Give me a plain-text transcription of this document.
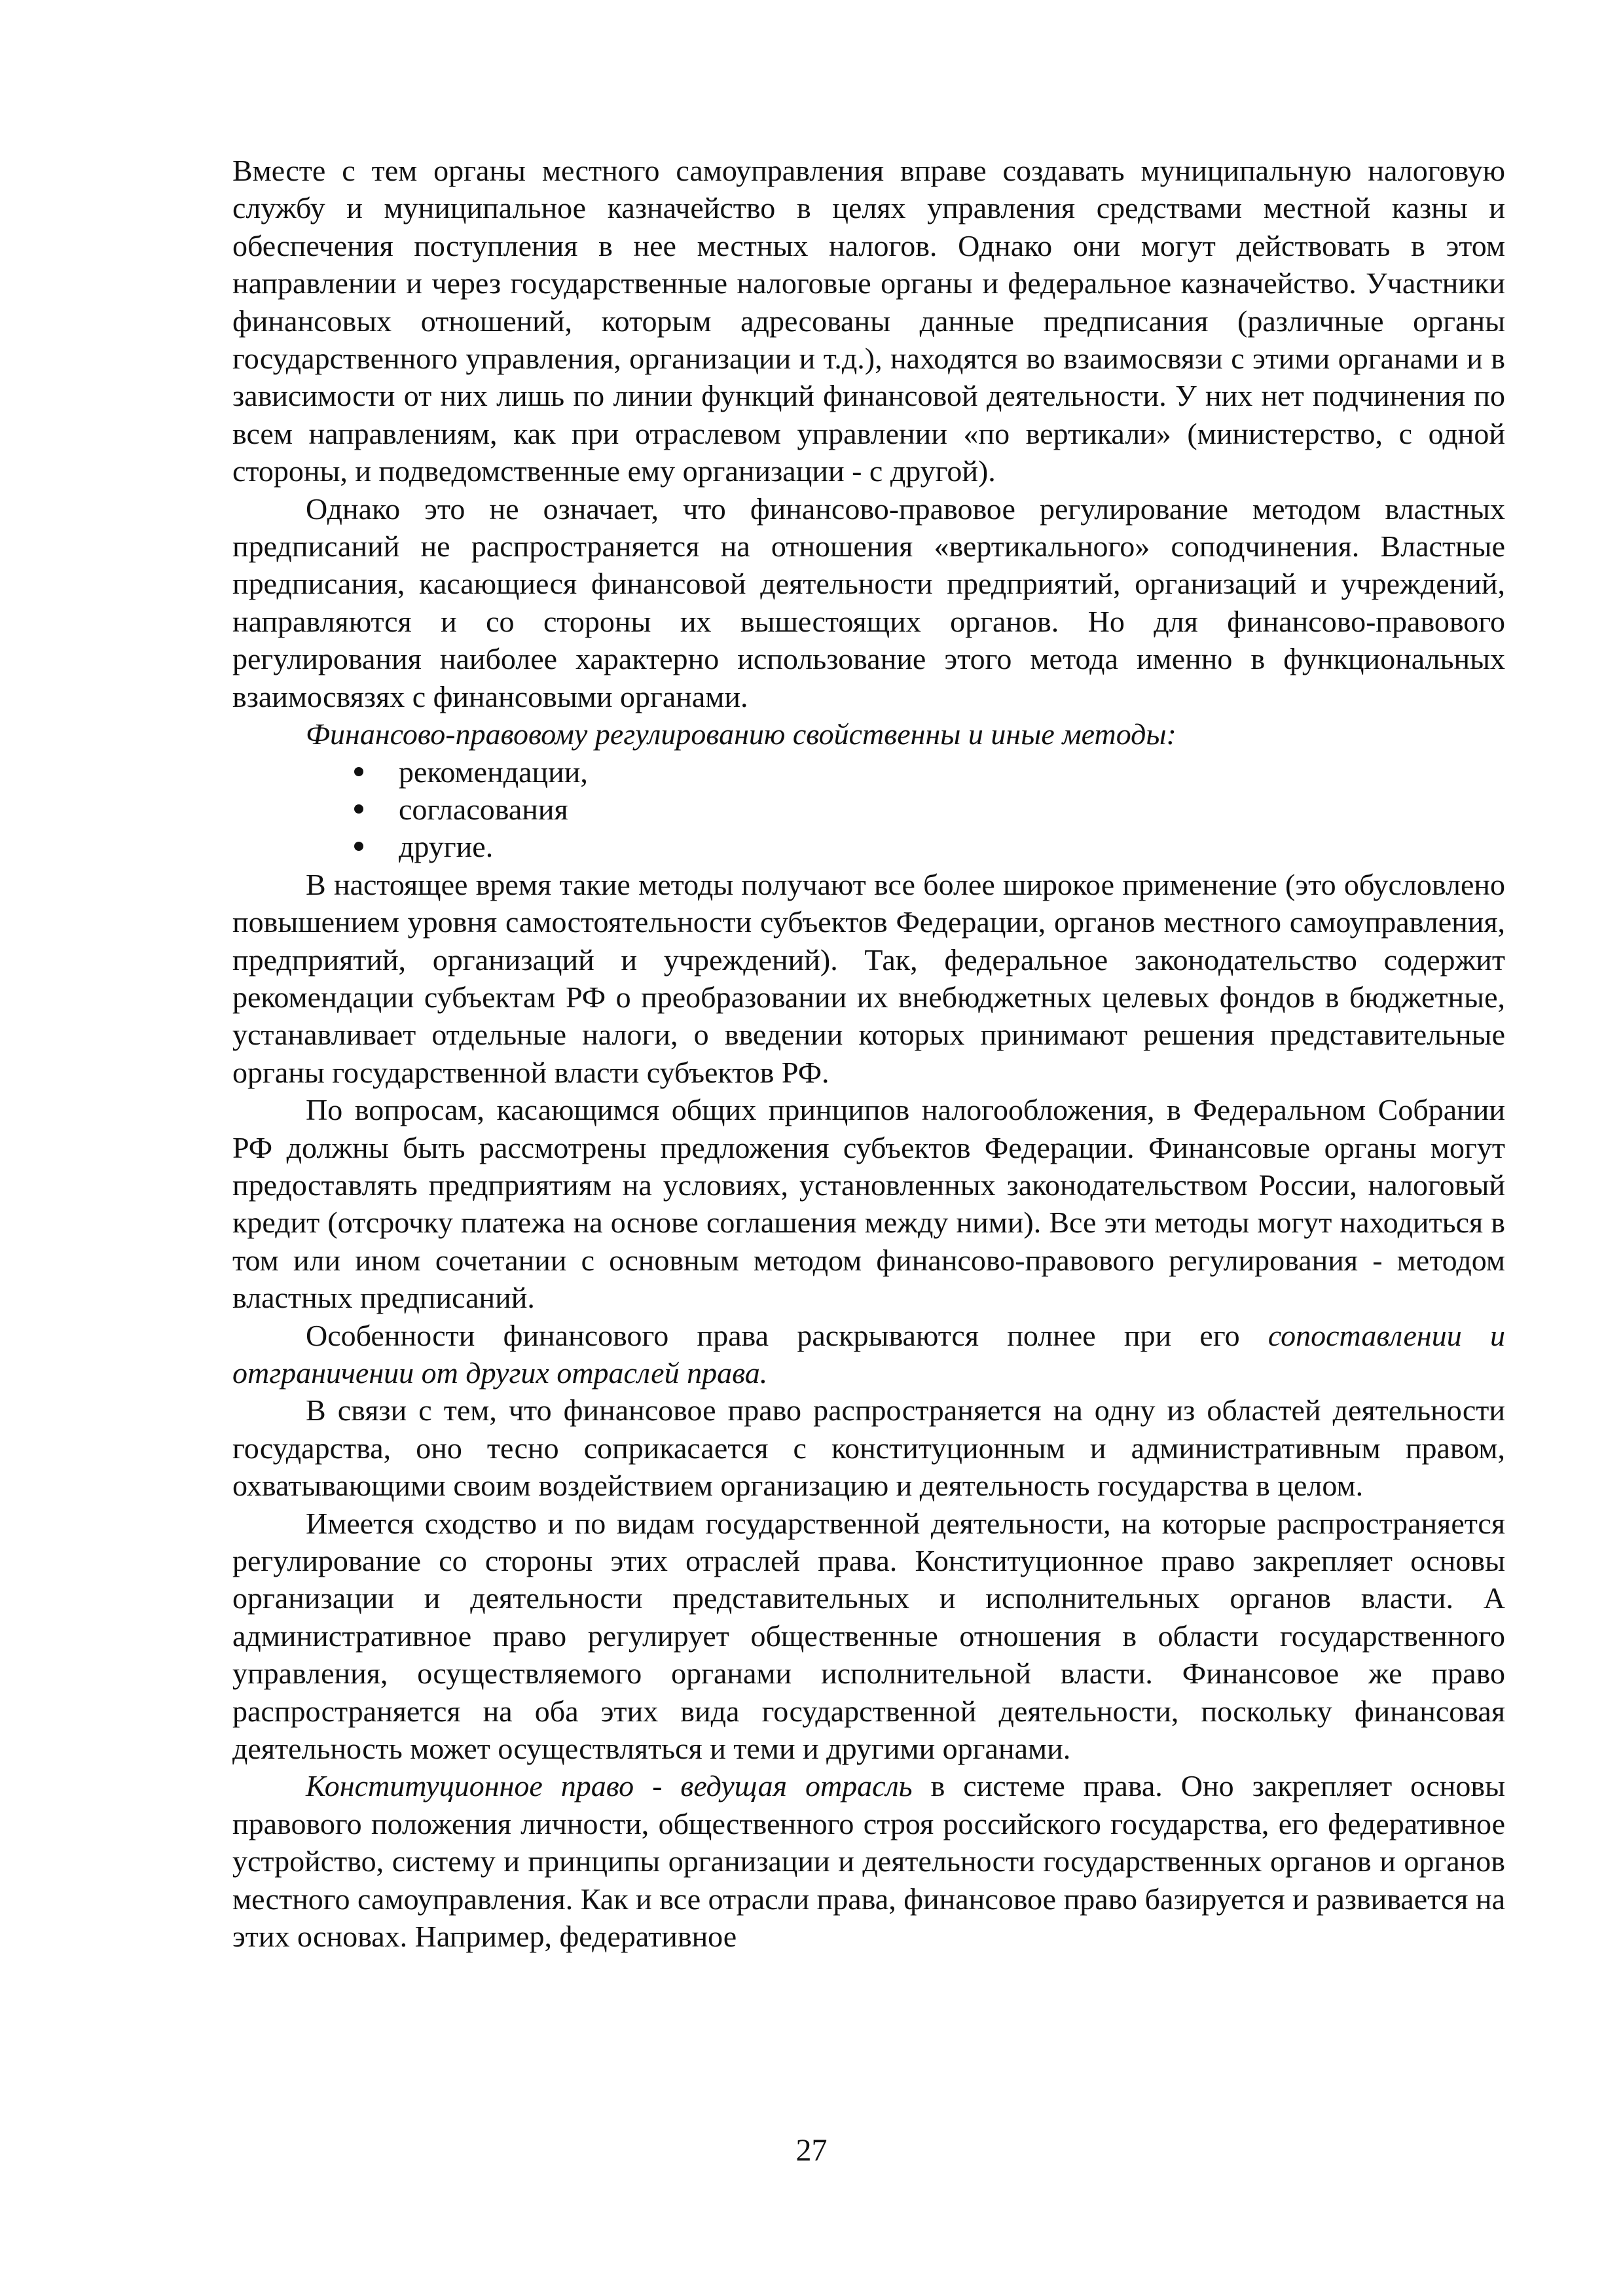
Вместе с тем органы местного самоуправления вправе создавать муниципальную налоговую службу и муниципальное казначейство в целях управления средствами местной казны и обеспечения поступления в нее местных налогов. Однако они могут действовать в этом направлении и через государственные налоговые органы и федеральное казначейство. Участники финансовых отношений, которым адресованы данные предписания (различные органы государственного управления, организации и т.д.), находятся во взаимосвязи с этими органами и в зависимости от них лишь по линии функций финансовой деятельности. У них нет подчинения по всем направлениям, как при отраслевом управлении «по вертикали» (министерство, с одной стороны, и подведомственные ему организации - с другой).

Однако это не означает, что финансово-правовое регулирование методом властных предписаний не распространяется на отношения «вертикального» соподчинения. Властные предписания, касающиеся финансовой деятельности предприятий, организаций и учреждений, направляются и со стороны их вышестоящих органов. Но для финансово-правового регулирования наиболее характерно использование этого метода именно в функциональных взаимосвязях с финансовыми органами.

Финансово-правовому регулированию свойственны и иные методы:

рекомендации,
согласования
другие.

В настоящее время такие методы получают все более широкое применение (это обусловлено повышением уровня самостоятельности субъектов Федерации, органов местного самоуправления, предприятий, организаций и учреждений). Так, федеральное законодательство содержит рекомендации субъектам РФ о преобразовании их внебюджетных целевых фондов в бюджетные, устанавливает отдельные налоги, о введении которых принимают решения представительные органы государственной власти субъектов РФ.

По вопросам, касающимся общих принципов налогообложения, в Федеральном Собрании РФ должны быть рассмотрены предложения субъектов Федерации. Финансовые органы могут предоставлять предприятиям на условиях, установленных законодательством России, налоговый кредит (отсрочку платежа на основе соглашения между ними). Все эти методы могут находиться в том или ином сочетании с основным методом финансово-правового регулирования - методом властных предписаний.

Особенности финансового права раскрываются полнее при его сопоставлении и отграничении от других отраслей права.

В связи с тем, что финансовое право распространяется на одну из областей деятельности государства, оно тесно соприкасается с конституционным и административным правом, охватывающими своим воздействием организацию и деятельность государства в целом.

Имеется сходство и по видам государственной деятельности, на которые распространяется регулирование со стороны этих отраслей права. Конституционное право закрепляет основы организации и деятельности представительных и исполнительных органов власти. А административное право регулирует общественные отношения в области государственного управления, осуществляемого органами исполнительной власти. Финансовое же право распространяется на оба этих вида государственной деятельности, поскольку финансовая деятельность может осуществляться и теми и другими органами.

Конституционное право - ведущая отрасль в системе права. Оно закрепляет основы правового положения личности, общественного строя российского государства, его федеративное устройство, систему и принципы организации и деятельности государственных органов и органов местного самоуправления. Как и все отрасли права, финансовое право базируется и развивается на этих основах. Например, федеративное

27
